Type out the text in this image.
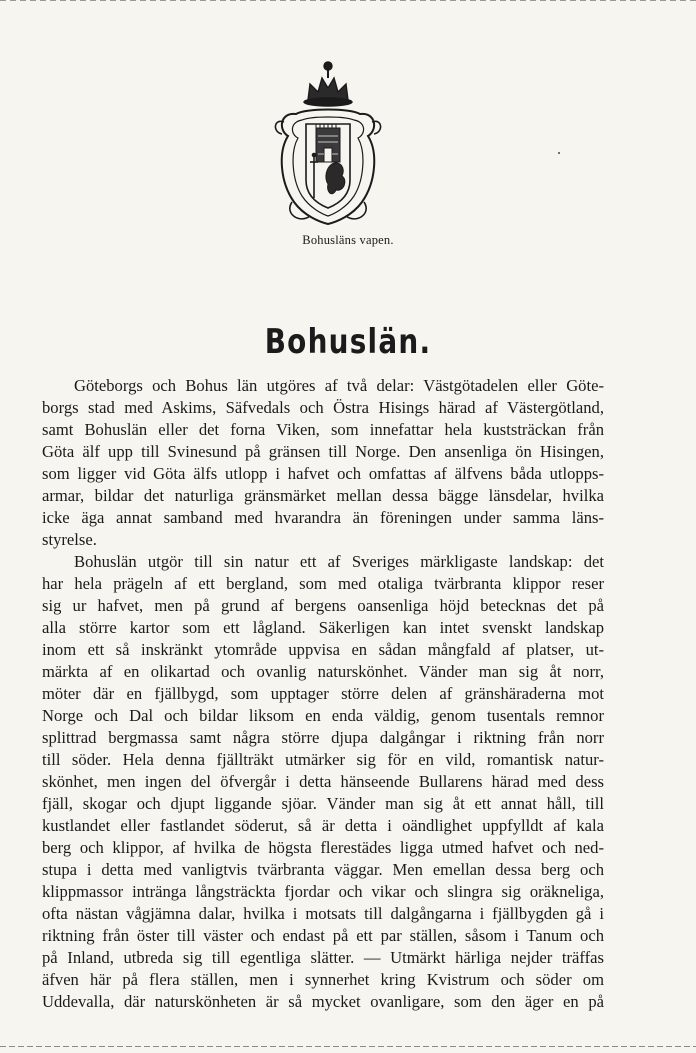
Bohusläns vapen.
Bohuslän.
Göteborgs och Bohus län utgöres af två delar: Västgötadelen eller Göte-
borgs stad med Askims, Säfvedals och Östra Hisings härad af Västergötland,
samt Bohuslän eller det forna Viken, som innefattar hela kuststräckan från
Göta älf upp till Svinesund på gränsen till Norge. Den ansenliga ön Hisingen,
som ligger vid Göta älfs utlopp i hafvet och omfattas af älfvens båda utlopps-
armar, bildar det naturliga gränsmärket mellan dessa bägge länsdelar, hvilka
icke äga annat samband med hvarandra än föreningen under samma läns-
styrelse.
Bohuslän utgör till sin natur ett af Sveriges märkligaste landskap: det
har hela prägeln af ett bergland, som med otaliga tvärbranta klippor reser
sig ur hafvet, men på grund af bergens oansenliga höjd betecknas det på
alla större kartor som ett lågland. Säkerligen kan intet svenskt landskap
inom ett så inskränkt ytområde uppvisa en sådan mångfald af platser, ut-
märkta af en olikartad och ovanlig naturskönhet. Vänder man sig åt norr,
möter där en fjällbygd, som upptager större delen af gränshäraderna mot
Norge och Dal och bildar liksom en enda väldig, genom tusentals remnor
splittrad bergmassa samt några större djupa dalgångar i riktning från norr
till söder. Hela denna fjällträkt utmärker sig för en vild, romantisk natur-
skönhet, men ingen del öfvergår i detta hänseende Bullarens härad med dess
fjäll, skogar och djupt liggande sjöar. Vänder man sig åt ett annat håll, till
kustlandet eller fastlandet söderut, så är detta i oändlighet uppfylldt af kala
berg och klippor, af hvilka de högsta flerestädes ligga utmed hafvet och ned-
stupa i detta med vanligtvis tvärbranta väggar. Men emellan dessa berg och
klippmassor intränga långsträckta fjordar och vikar och slingra sig oräkneliga,
ofta nästan vågjämna dalar, hvilka i motsats till dalgångarna i fjällbygden gå i
riktning från öster till väster och endast på ett par ställen, såsom i Tanum och
på Inland, utbreda sig till egentliga slätter. — Utmärkt härliga nejder träffas
äfven här på flera ställen, men i synnerhet kring Kvistrum och söder om
Uddevalla, där naturskönheten är så mycket ovanligare, som den äger en på
